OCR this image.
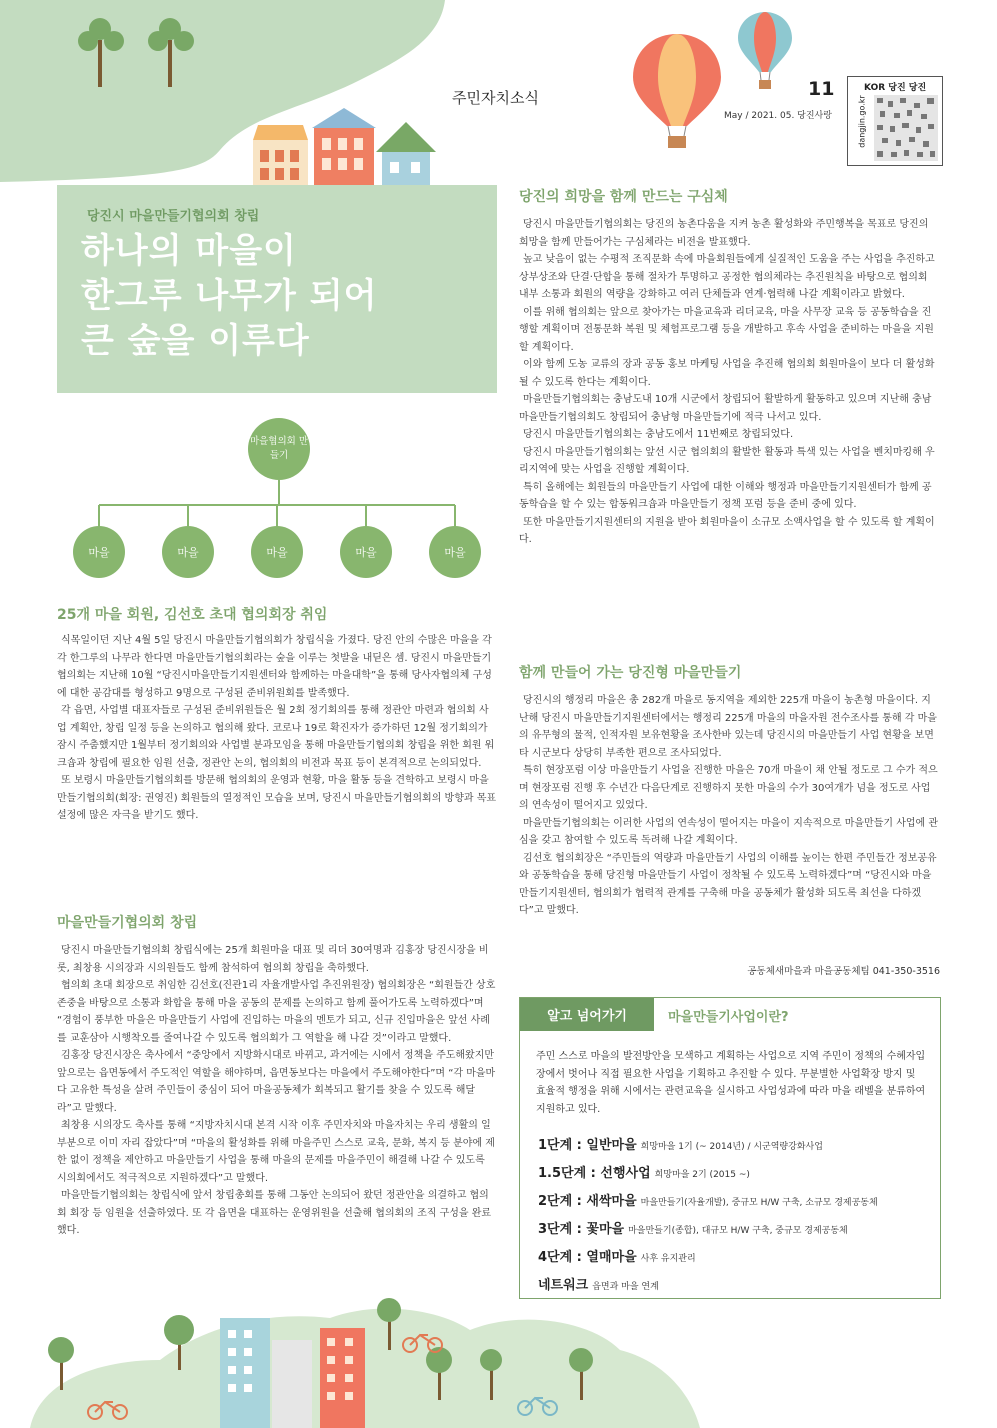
주민자치소식	11
May / 2021. 05. 당진사랑	dangjin.go.kr
KOR 당진 당진
당진시 마을만들기협의회 창립
하나의 마을이
한그루 나무가 되어
큰 숲을 이루다
마을협의회 만들기
마을	마을	마을	마을	마을
25개 마을 회원, 김선호 초대 협의회장 취임

식목일이던 지난 4월 5일 당진시 마을만들기협의회가 창립식을 가졌다. 당진 안의 수많은 마을을 각각 한그루의 나무라 한다면 마을만들기협의회라는 숲을 이루는 첫발을 내딛은 셈. 당진시 마을만들기협의회는 지난해 10월 “당진시마을만들기지원센터와 함께하는 마을대학”을 통해 당사자협의체 구성에 대한 공감대를 형성하고 9명으로 구성된 준비위원회를 발족했다.

각 읍면, 사업별 대표자들로 구성된 준비위원들은 월 2회 정기회의를 통해 정관안 마련과 협의회 사업 계획안, 창립 일정 등을 논의하고 협의해 왔다. 코로나 19로 확진자가 증가하던 12월 정기회의가 잠시 주춤했지만 1월부터 정기회의와 사업별 분과모임을 통해 마을만들기협의회 창립을 위한 회원 워크숍과 창립에 필요한 임원 선출, 정관안 논의, 협의회의 비전과 목표 등이 본격적으로 논의되었다.

또 보령시 마을만들기협의회를 방문해 협의회의 운영과 현황, 마을 활동 등을 견학하고 보령시 마을만들기협의회(회장: 권영진) 회원들의 열정적인 모습을 보며, 당진시 마을만들기협의회의 방향과 목표 설정에 많은 자극을 받기도 했다.

마을만들기협의회 창립

당진시 마을만들기협의회 창립식에는 25개 회원마을 대표 및 리더 30여명과 김홍장 당진시장을 비롯, 최창용 시의장과 시의원들도 함께 참석하여 협의회 창립을 축하했다.

협의회 초대 회장으로 취임한 김선호(진관1리 자율개발사업 추진위원장) 협의회장은 “회원들간 상호 존중을 바탕으로 소통과 화합을 통해 마을 공동의 문제를 논의하고 함께 풀어가도록 노력하겠다”며 “경험이 풍부한 마을은 마을만들기 사업에 진입하는 마을의 멘토가 되고, 신규 진입마을은 앞선 사례를 교훈삼아 시행착오를 줄여나갈 수 있도록 협의회가 그 역할을 해 나갈 것”이라고 말했다.

김홍장 당진시장은 축사에서 “중앙에서 지방화시대로 바뀌고, 과거에는 시에서 정책을 주도해왔지만 앞으로는 읍면동에서 주도적인 역할을 해야하며, 읍면동보다는 마을에서 주도해야한다”며 “각 마을마다 고유한 특성을 살려 주민들이 중심이 되어 마을공동체가 회복되고 활기를 찾을 수 있도록 해달라”고 말했다.

최창용 시의장도 축사를 통해 “지방자치시대 본격 시작 이후 주민자치와 마을자치는 우리 생활의 일부분으로 이미 자리 잡았다”며 “마을의 활성화를 위해 마을주민 스스로 교육, 문화, 복지 등 분야에 제한 없이 정책을 제안하고 마을만들기 사업을 통해 마을의 문제를 마을주민이 해결해 나갈 수 있도록 시의회에서도 적극적으로 지원하겠다”고 말했다.

마을만들기협의회는 창립식에 앞서 창립총회를 통해 그동안 논의되어 왔던 정관안을 의결하고 협의회 회장 등 임원을 선출하였다. 또 각 읍면을 대표하는 운영위원을 선출해 협의회의 조직 구성을 완료했다.

당진의 희망을 함께 만드는 구심체

당진시 마을만들기협의회는 당진의 농촌다움을 지켜 농촌 활성화와 주민행복을 목표로 당진의 희망을 함께 만들어가는 구심체라는 비전을 발표했다.

높고 낮음이 없는 수평적 조직문화 속에 마을회원들에게 실질적인 도움을 주는 사업을 추진하고 상부상조와 단결·단합을 통해 절차가 투명하고 공정한 협의체라는 추진원칙을 바탕으로 협의회 내부 소통과 회원의 역량을 강화하고 여러 단체들과 연계·협력해 나갈 계획이라고 밝혔다.

이를 위해 협의회는 앞으로 찾아가는 마을교육과 리더교육, 마을 사무장 교육 등 공동학습을 진행할 계획이며 전통문화 복원 및 체험프로그램 등을 개발하고 후속 사업을 준비하는 마을을 지원할 계획이다.

이와 함께 도농 교류의 장과 공동 홍보 마케팅 사업을 추진해 협의회 회원마을이 보다 더 활성화 될 수 있도록 한다는 계획이다.

마을만들기협의회는 충남도내 10개 시군에서 창립되어 활발하게 활동하고 있으며 지난해 충남 마을만들기협의회도 창립되어 충남형 마을만들기에 적극 나서고 있다.

당진시 마을만들기협의회는 충남도에서 11번째로 창립되었다.

당진시 마을만들기협의회는 앞선 시군 협의회의 활발한 활동과 특색 있는 사업을 벤치마킹해 우리지역에 맞는 사업을 진행할 계획이다.

특히 올해에는 회원들의 마을만들기 사업에 대한 이해와 행정과 마을만들기지원센터가 함께 공동학습을 할 수 있는 합동워크숍과 마을만들기 정책 포럼 등을 준비 중에 있다.

또한 마을만들기지원센터의 지원을 받아 회원마을이 소규모 소액사업을 할 수 있도록 할 계획이다.

함께 만들어 가는 당진형 마을만들기

당진시의 행정리 마을은 총 282개 마을로 동지역을 제외한 225개 마을이 농촌형 마을이다. 지난해 당진시 마을만들기지원센터에서는 행정리 225개 마을의 마을자원 전수조사를 통해 각 마을의 유무형의 물적, 인적자원 보유현황을 조사한바 있는데 당진시의 마을만들기 사업 현황을 보면 타 시군보다 상당히 부족한 편으로 조사되었다.

특히 현장포럼 이상 마을만들기 사업을 진행한 마을은 70개 마을이 채 안될 정도로 그 수가 적으며 현장포럼 진행 후 수년간 다음단계로 진행하지 못한 마을의 수가 30여개가 넘을 정도로 사업의 연속성이 떨어지고 있었다.

마을만들기협의회는 이러한 사업의 연속성이 떨어지는 마을이 지속적으로 마을만들기 사업에 관심을 갖고 참여할 수 있도록 독려해 나갈 계획이다.

김선호 협의회장은 “주민들의 역량과 마을만들기 사업의 이해를 높이는 한편 주민들간 정보공유와 공동학습을 통해 당진형 마을만들기 사업이 정착될 수 있도록 노력하겠다”며 “당진시와 마을만들기지원센터, 협의회가 협력적 관계를 구축해 마을 공동체가 활성화 되도록 최선을 다하겠다”고 말했다.

공동체새마을과 마을공동체팀 041-350-3516
알고 넘어가기	마을만들기사업이란?
주민 스스로 마을의 발전방안을 모색하고 계획하는 사업으로 지역 주민이 정책의 수혜자입장에서 벗어나 직접 필요한 사업을 기획하고 추진할 수 있다. 무분별한 사업확장 방지 및 효율적 행정을 위해 시에서는 관련교육을 실시하고 사업성과에 따라 마을 래벨을 분류하여 지원하고 있다.
1단계 : 일반마을 희망마을 1기 (~ 2014년) / 시군역량강화사업
1.5단계 : 선행사업 희망마을 2기 (2015 ~)
2단계 : 새싹마을 마을만들기(자율개발), 중규모 H/W 구축, 소규모 경제공동체
3단계 : 꽃마을 마을만들기(종합), 대규모 H/W 구축, 중규모 경제공동체
4단계 : 열매마을 사후 유지관리
네트워크 읍면과 마을 연계
